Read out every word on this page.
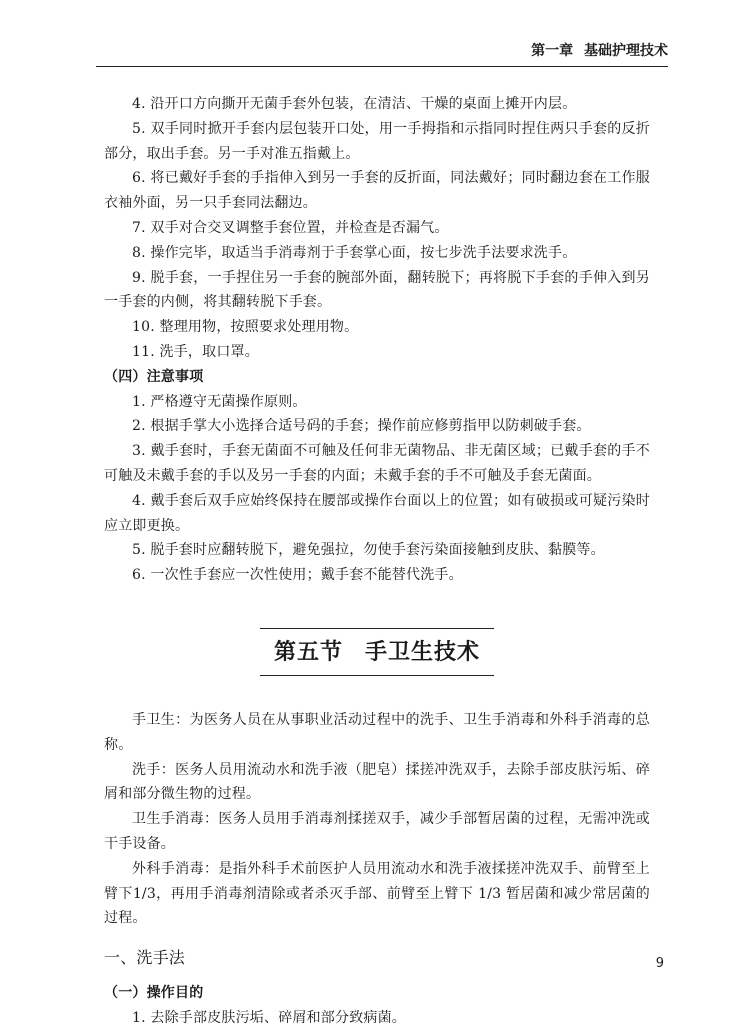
第一章 基础护理技术

4. 沿开口方向撕开无菌手套外包装，在清洁、干燥的桌面上摊开内层。

5. 双手同时掀开手套内层包装开口处，用一手拇指和示指同时捏住两只手套的反折部分，取出手套。另一手对准五指戴上。

6. 将已戴好手套的手指伸入到另一手套的反折面，同法戴好；同时翻边套在工作服衣袖外面，另一只手套同法翻边。

7. 双手对合交叉调整手套位置，并检查是否漏气。

8. 操作完毕，取适当手消毒剂于手套掌心面，按七步洗手法要求洗手。

9. 脱手套，一手捏住另一手套的腕部外面，翻转脱下；再将脱下手套的手伸入到另一手套的内侧，将其翻转脱下手套。

10. 整理用物，按照要求处理用物。

11. 洗手，取口罩。

（四）注意事项

1. 严格遵守无菌操作原则。

2. 根据手掌大小选择合适号码的手套；操作前应修剪指甲以防刺破手套。

3. 戴手套时，手套无菌面不可触及任何非无菌物品、非无菌区域；已戴手套的手不可触及未戴手套的手以及另一手套的内面；未戴手套的手不可触及手套无菌面。

4. 戴手套后双手应始终保持在腰部或操作台面以上的位置；如有破损或可疑污染时应立即更换。

5. 脱手套时应翻转脱下，避免强拉，勿使手套污染面接触到皮肤、黏膜等。

6. 一次性手套应一次性使用；戴手套不能替代洗手。

第五节 手卫生技术

手卫生：为医务人员在从事职业活动过程中的洗手、卫生手消毒和外科手消毒的总称。

洗手：医务人员用流动水和洗手液（肥皂）揉搓冲洗双手，去除手部皮肤污垢、碎屑和部分微生物的过程。

卫生手消毒：医务人员用手消毒剂揉搓双手，减少手部暂居菌的过程，无需冲洗或干手设备。

外科手消毒：是指外科手术前医护人员用流动水和洗手液揉搓冲洗双手、前臂至上臂下1/3，再用手消毒剂清除或者杀灭手部、前臂至上臂下 1/3 暂居菌和减少常居菌的过程。

一、洗手法

（一）操作目的

1. 去除手部皮肤污垢、碎屑和部分致病菌。

9
